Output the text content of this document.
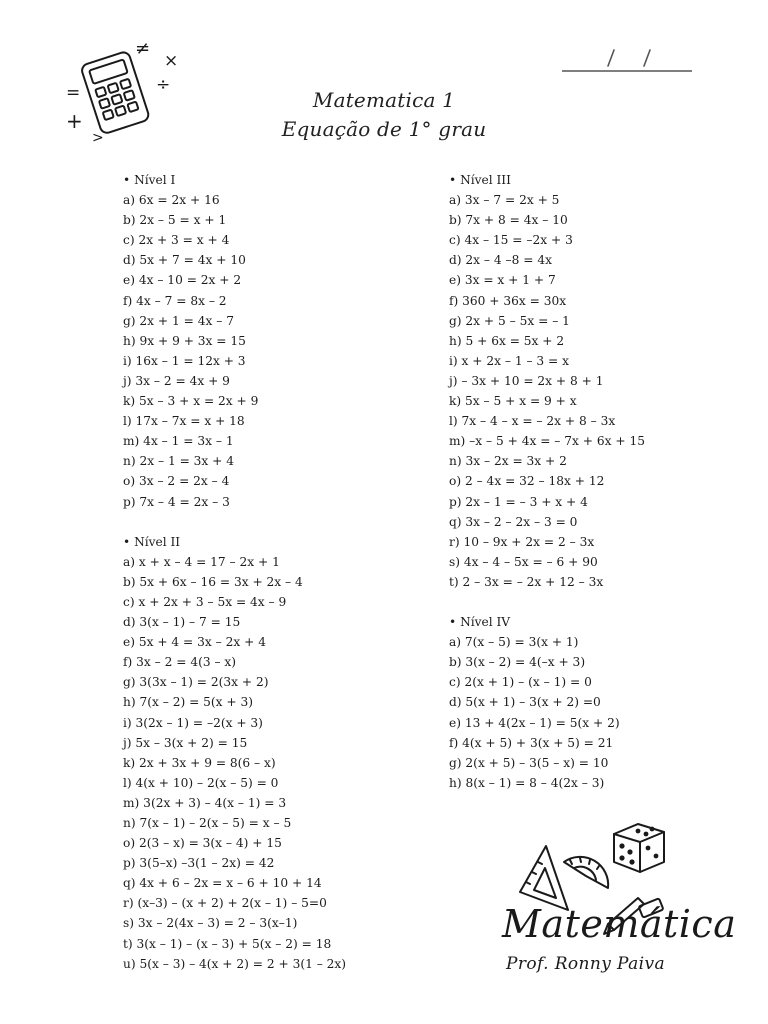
≠
×
=	÷
+
>
Matematica 1
Equação de 1° grau
• Nível I
a) 6x = 2x + 16
b) 2x – 5 = x + 1
c) 2x + 3 = x + 4
d) 5x + 7 = 4x + 10
e) 4x – 10 = 2x + 2
f) 4x – 7 = 8x – 2
g) 2x + 1 = 4x – 7
h) 9x + 9 + 3x = 15
i) 16x – 1 = 12x + 3
j) 3x – 2 = 4x + 9
k) 5x – 3 + x = 2x + 9
l) 17x – 7x = x + 18
m) 4x – 1 = 3x – 1
n) 2x – 1 = 3x + 4
o) 3x – 2 = 2x – 4
p) 7x – 4 = 2x – 3
• Nível II
a) x + x – 4 = 17 – 2x + 1
b) 5x + 6x – 16 = 3x + 2x – 4
c) x + 2x + 3 – 5x = 4x – 9
d) 3(x – 1) – 7 = 15
e) 5x + 4 = 3x – 2x + 4
f) 3x – 2 = 4(3 – x)
g) 3(3x – 1) = 2(3x + 2)
h) 7(x – 2) = 5(x + 3)
i) 3(2x – 1) = –2(x + 3)
j) 5x – 3(x + 2) = 15
k) 2x + 3x + 9 = 8(6 – x)
l) 4(x + 10) – 2(x – 5) = 0
m) 3(2x + 3) – 4(x – 1) = 3
n) 7(x – 1) – 2(x – 5) = x – 5
o) 2(3 – x) = 3(x – 4) + 15
p) 3(5–x) –3(1 – 2x) = 42
q) 4x + 6 – 2x = x – 6 + 10 + 14
r) (x–3) – (x + 2) + 2(x – 1) – 5=0
s) 3x – 2(4x – 3) = 2 – 3(x–1)
t) 3(x – 1) – (x – 3) + 5(x – 2) = 18
u) 5(x – 3) – 4(x + 2) = 2 + 3(1 – 2x)
• Nível III
a) 3x – 7 = 2x + 5
b) 7x + 8 = 4x – 10
c) 4x – 15 = –2x + 3
d) 2x – 4 –8 = 4x
e) 3x = x + 1 + 7
f) 360 + 36x = 30x
g) 2x + 5 – 5x = – 1
h) 5 + 6x = 5x + 2
i) x + 2x – 1 – 3 = x
j) – 3x + 10 = 2x + 8 + 1
k) 5x – 5 + x = 9 + x
l) 7x – 4 – x = – 2x + 8 – 3x
m) –x – 5 + 4x = – 7x + 6x + 15
n) 3x – 2x = 3x + 2
o) 2 – 4x = 32 – 18x + 12
p) 2x – 1 = – 3 + x + 4
q) 3x – 2 – 2x – 3 = 0
r) 10 – 9x + 2x = 2 – 3x
s) 4x – 4 – 5x = – 6 + 90
t) 2 – 3x = – 2x + 12 – 3x
• Nível IV
a) 7(x – 5) = 3(x + 1)
b) 3(x – 2) = 4(–x + 3)
c) 2(x + 1) – (x – 1) = 0
d) 5(x + 1) – 3(x + 2) =0
e) 13 + 4(2x – 1) = 5(x + 2)
f) 4(x + 5) + 3(x + 5) = 21
g) 2(x + 5) – 3(5 – x) = 10
h) 8(x – 1) = 8 – 4(2x – 3)
Matemática
Prof. Ronny Paiva
